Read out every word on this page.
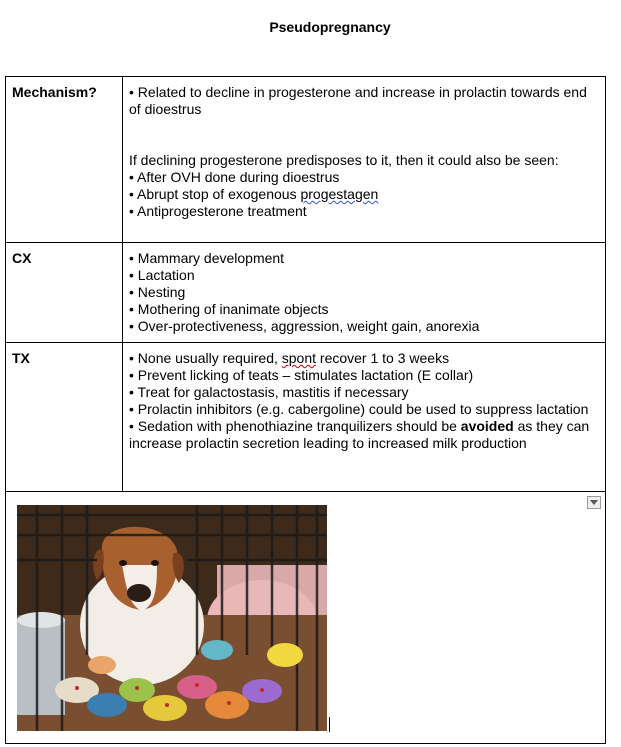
Pseudopregnancy
Mechanism?	• Related to decline in progesterone and increase in prolactin towards end of dioestrus
If declining progesterone predisposes to it, then it could also be seen:
• After OVH done during dioestrus
• Abrupt stop of exogenous progestagen
• Antiprogesterone treatment

CX	• Mammary development
• Lactation
• Nesting
• Mothering of inanimate objects
• Over-protectiveness, aggression, weight gain, anorexia

TX	• None usually required, spont recover 1 to 3 weeks
• Prevent licking of teats – stimulates lactation (E collar)
• Treat for galactostasis, mastitis if necessary
• Prolactin inhibitors (e.g. cabergoline) could be used to suppress lactation
• Sedation with phenothiazine tranquilizers should be avoided as they can increase prolactin secretion leading to increased milk production
